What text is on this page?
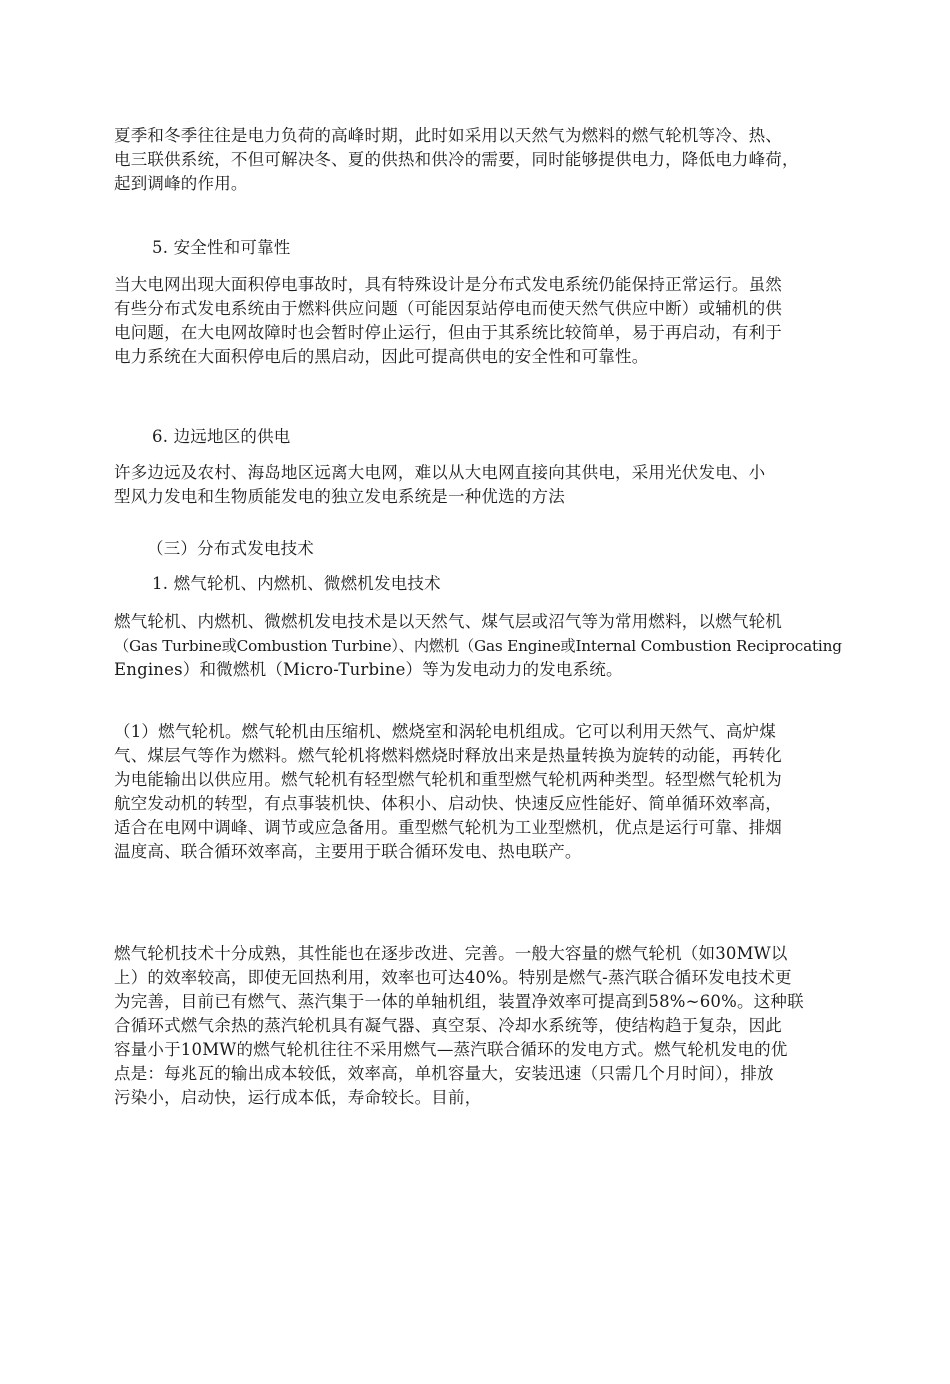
夏季和冬季往往是电力负荷的高峰时期，此时如采用以天然气为燃料的燃气轮机等冷、热、
电三联供系统，不但可解决冬、夏的供热和供冷的需要，同时能够提供电力，降低电力峰荷，
起到调峰的作用。
5. 安全性和可靠性
当大电网出现大面积停电事故时，具有特殊设计是分布式发电系统仍能保持正常运行。虽然
有些分布式发电系统由于燃料供应问题（可能因泵站停电而使天然气供应中断）或辅机的供
电问题，在大电网故障时也会暂时停止运行，但由于其系统比较简单，易于再启动，有利于
电力系统在大面积停电后的黑启动，因此可提高供电的安全性和可靠性。
6. 边远地区的供电
许多边远及农村、海岛地区远离大电网，难以从大电网直接向其供电，采用光伏发电、小
型风力发电和生物质能发电的独立发电系统是一种优选的方法
（三）分布式发电技术
1. 燃气轮机、内燃机、微燃机发电技术
燃气轮机、内燃机、微燃机发电技术是以天然气、煤气层或沼气等为常用燃料，以燃气轮机
（Gas Turbine或Combustion Turbine）、内燃机（Gas Engine或Internal Combustion Reciprocating
Engines）和微燃机（Micro-Turbine）等为发电动力的发电系统。
（1）燃气轮机。燃气轮机由压缩机、燃烧室和涡轮电机组成。它可以利用天然气、高炉煤
气、煤层气等作为燃料。燃气轮机将燃料燃烧时释放出来是热量转换为旋转的动能，再转化
为电能输出以供应用。燃气轮机有轻型燃气轮机和重型燃气轮机两种类型。轻型燃气轮机为
航空发动机的转型，有点事装机快、体积小、启动快、快速反应性能好、简单循环效率高，
适合在电网中调峰、调节或应急备用。重型燃气轮机为工业型燃机，优点是运行可靠、排烟
温度高、联合循环效率高，主要用于联合循环发电、热电联产。
燃气轮机技术十分成熟，其性能也在逐步改进、完善。一般大容量的燃气轮机（如30MW以
上）的效率较高，即使无回热利用，效率也可达40%。特别是燃气-蒸汽联合循环发电技术更
为完善，目前已有燃气、蒸汽集于一体的单轴机组，装置净效率可提高到58%~60%。这种联
合循环式燃气余热的蒸汽轮机具有凝气器、真空泵、冷却水系统等，使结构趋于复杂，因此
容量小于10MW的燃气轮机往往不采用燃气—蒸汽联合循环的发电方式。燃气轮机发电的优
点是：每兆瓦的输出成本较低，效率高，单机容量大，安装迅速（只需几个月时间），排放
污染小，启动快，运行成本低，寿命较长。目前，
